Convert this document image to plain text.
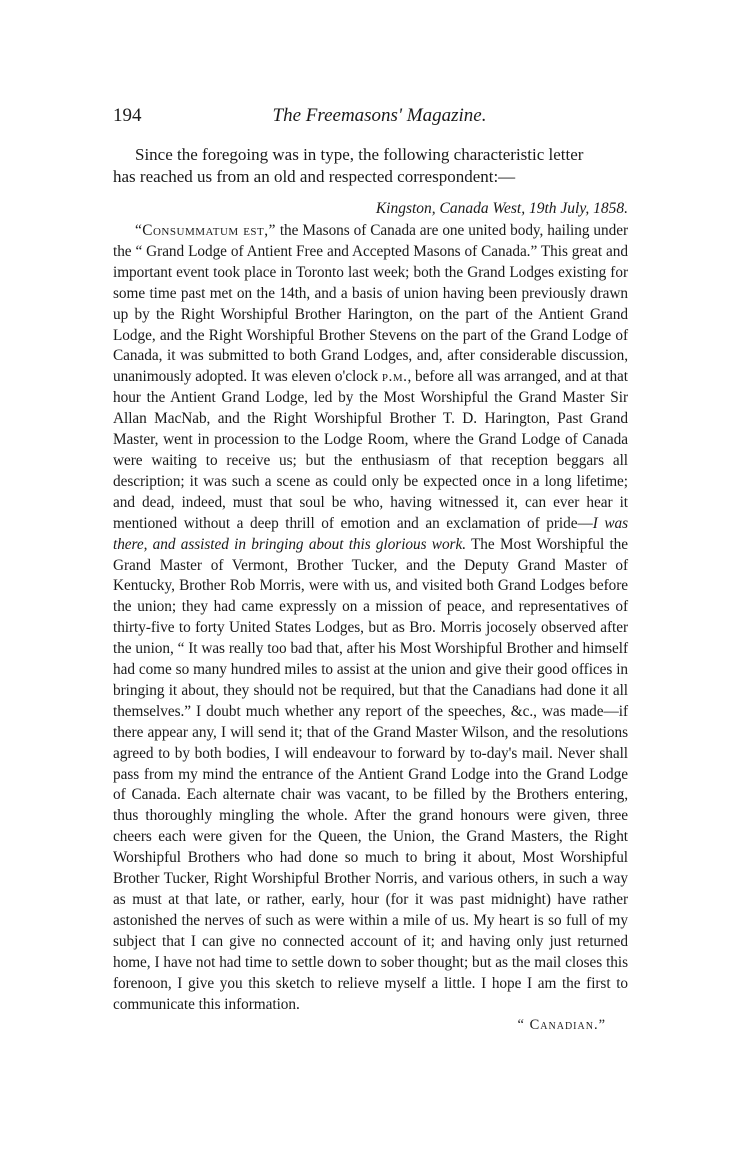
194	The Freemasons' Magazine.

Since the foregoing was in type, the following characteristic letter
has reached us from an old and respected correspondent:—

Kingston, Canada West, 19th July, 1858.

“Consummatum est,” the Masons of Canada are one united body, hailing under the “ Grand Lodge of Antient Free and Accepted Masons of Canada.” This great and important event took place in Toronto last week; both the Grand Lodges existing for some time past met on the 14th, and a basis of union having been previously drawn up by the Right Worshipful Brother Harington, on the part of the Antient Grand Lodge, and the Right Worshipful Brother Stevens on the part of the Grand Lodge of Canada, it was submitted to both Grand Lodges, and, after considerable discussion, unanimously adopted. It was eleven o'clock p.m., before all was arranged, and at that hour the Antient Grand Lodge, led by the Most Worshipful the Grand Master Sir Allan MacNab, and the Right Worshipful Brother T. D. Harington, Past Grand Master, went in procession to the Lodge Room, where the Grand Lodge of Canada were waiting to receive us; but the enthusiasm of that reception beggars all description; it was such a scene as could only be expected once in a long lifetime; and dead, indeed, must that soul be who, having witnessed it, can ever hear it mentioned without a deep thrill of emotion and an exclamation of pride—I was there, and assisted in bringing about this glorious work. The Most Worshipful the Grand Master of Vermont, Brother Tucker, and the Deputy Grand Master of Kentucky, Brother Rob Morris, were with us, and visited both Grand Lodges before the union; they had came expressly on a mission of peace, and representatives of thirty-five to forty United States Lodges, but as Bro. Morris jocosely observed after the union, “ It was really too bad that, after his Most Worshipful Brother and himself had come so many hundred miles to assist at the union and give their good offices in bringing it about, they should not be required, but that the Canadians had done it all themselves.” I doubt much whether any report of the speeches, &c., was made—if there appear any, I will send it; that of the Grand Master Wilson, and the resolutions agreed to by both bodies, I will endeavour to forward by to-day's mail. Never shall pass from my mind the entrance of the Antient Grand Lodge into the Grand Lodge of Canada. Each alternate chair was vacant, to be filled by the Brothers entering, thus thoroughly mingling the whole. After the grand honours were given, three cheers each were given for the Queen, the Union, the Grand Masters, the Right Worshipful Brothers who had done so much to bring it about, Most Worshipful Brother Tucker, Right Worshipful Brother Norris, and various others, in such a way as must at that late, or rather, early, hour (for it was past midnight) have rather astonished the nerves of such as were within a mile of us. My heart is so full of my subject that I can give no connected account of it; and having only just returned home, I have not had time to settle down to sober thought; but as the mail closes this forenoon, I give you this sketch to relieve myself a little. I hope I am the first to communicate this information.

“ Canadian.”
